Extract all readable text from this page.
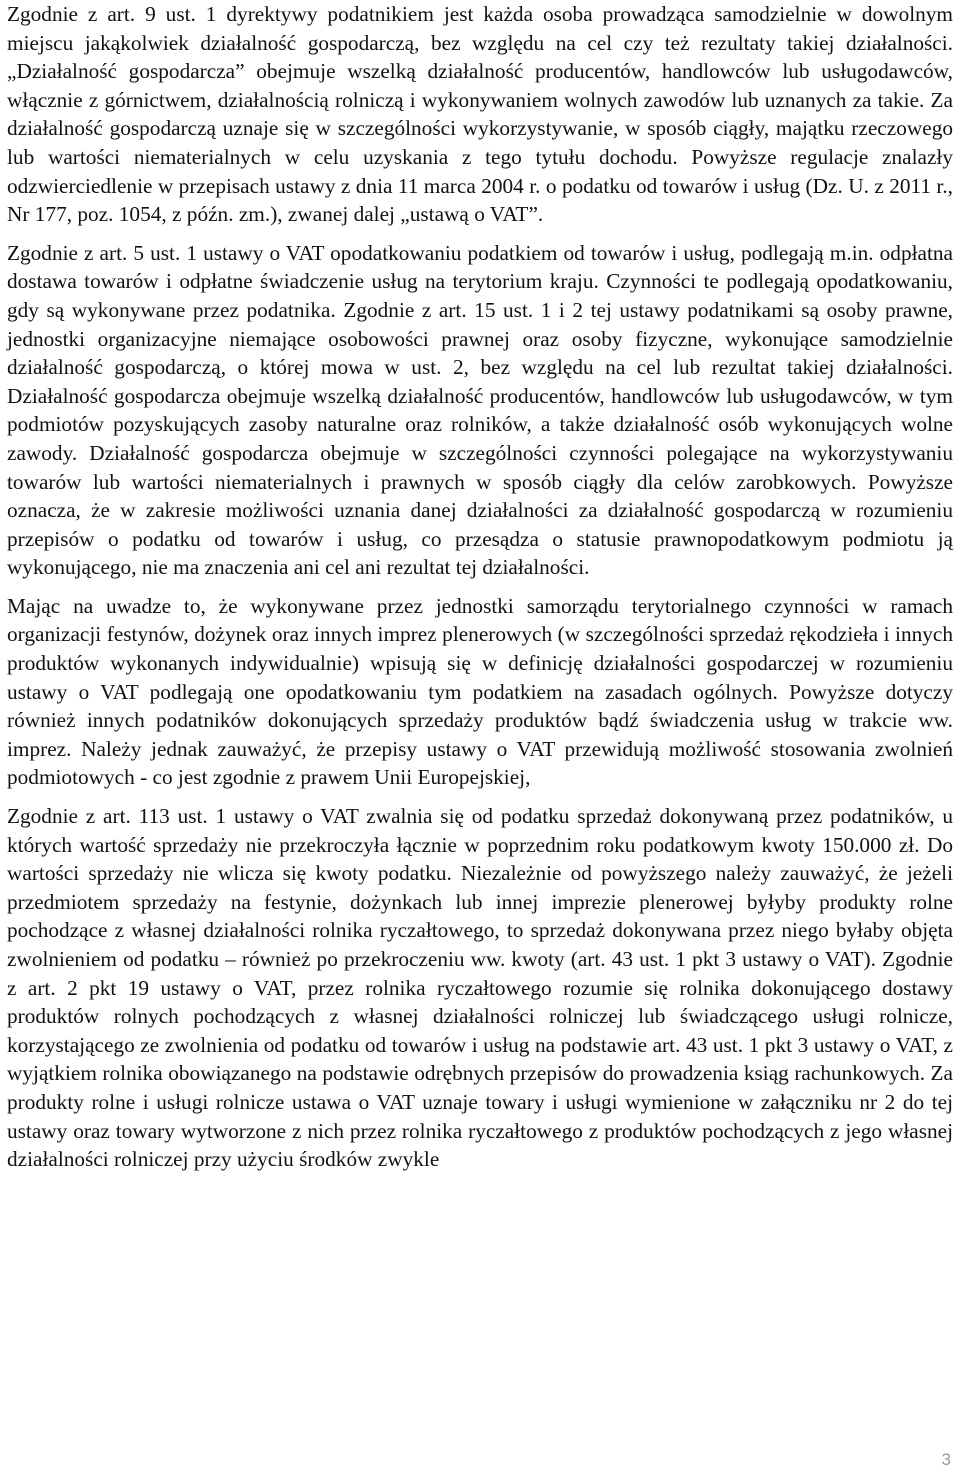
Zgodnie z art. 9 ust. 1 dyrektywy podatnikiem jest każda osoba prowadząca samodzielnie w dowolnym miejscu jakąkolwiek działalność gospodarczą, bez względu na cel czy też rezultaty takiej działalności. „Działalność gospodarcza” obejmuje wszelką działalność producentów, handlowców lub usługodawców, włącznie z górnictwem, działalnością rolniczą i wykonywaniem wolnych zawodów lub uznanych za takie. Za działalność gospodarczą uznaje się w szczególności wykorzystywanie, w sposób ciągły, majątku rzeczowego lub wartości niematerialnych w celu uzyskania z tego tytułu dochodu. Powyższe regulacje znalazły odzwierciedlenie w przepisach ustawy z dnia 11 marca 2004 r. o podatku od towarów i usług (Dz. U. z 2011 r., Nr 177, poz. 1054, z późn. zm.), zwanej dalej „ustawą o VAT”.

Zgodnie z art. 5 ust. 1 ustawy o VAT opodatkowaniu podatkiem od towarów i usług, podlegają m.in. odpłatna dostawa towarów i odpłatne świadczenie usług na terytorium kraju. Czynności te podlegają opodatkowaniu, gdy są wykonywane przez podatnika. Zgodnie z art. 15 ust. 1 i 2 tej ustawy podatnikami są osoby prawne, jednostki organizacyjne niemające osobowości prawnej oraz osoby fizyczne, wykonujące samodzielnie działalność gospodarczą, o której mowa w ust. 2, bez względu na cel lub rezultat takiej działalności. Działalność gospodarcza obejmuje wszelką działalność producentów, handlowców lub usługodawców, w tym podmiotów pozyskujących zasoby naturalne oraz rolników, a także działalność osób wykonujących wolne zawody. Działalność gospodarcza obejmuje w szczególności czynności polegające na wykorzystywaniu towarów lub wartości niematerialnych i prawnych w sposób ciągły dla celów zarobkowych. Powyższe oznacza, że w zakresie możliwości uznania danej działalności za działalność gospodarczą w rozumieniu przepisów o podatku od towarów i usług, co przesądza o statusie prawnopodatkowym podmiotu ją wykonującego, nie ma znaczenia ani cel ani rezultat tej działalności.

Mając na uwadze to, że wykonywane przez jednostki samorządu terytorialnego czynności w ramach organizacji festynów, dożynek oraz innych imprez plenerowych (w szczególności sprzedaż rękodzieła i innych produktów wykonanych indywidualnie) wpisują się w definicję działalności gospodarczej w rozumieniu ustawy o VAT podlegają one opodatkowaniu tym podatkiem na zasadach ogólnych. Powyższe dotyczy również innych podatników dokonujących sprzedaży produktów bądź świadczenia usług w trakcie ww. imprez. Należy jednak zauważyć, że przepisy ustawy o VAT przewidują możliwość stosowania zwolnień podmiotowych - co jest zgodnie z prawem Unii Europejskiej,

Zgodnie z art. 113 ust. 1 ustawy o VAT zwalnia się od podatku sprzedaż dokonywaną przez podatników, u których wartość sprzedaży nie przekroczyła łącznie w poprzednim roku podatkowym kwoty 150.000 zł. Do wartości sprzedaży nie wlicza się kwoty podatku. Niezależnie od powyższego należy zauważyć, że jeżeli przedmiotem sprzedaży na festynie, dożynkach lub innej imprezie plenerowej byłyby produkty rolne pochodzące z własnej działalności rolnika ryczałtowego, to sprzedaż dokonywana przez niego byłaby objęta zwolnieniem od podatku – również po przekroczeniu ww. kwoty (art. 43 ust. 1 pkt 3 ustawy o VAT). Zgodnie z art. 2 pkt 19 ustawy o VAT, przez rolnika ryczałtowego rozumie się rolnika dokonującego dostawy produktów rolnych pochodzących z własnej działalności rolniczej lub świadczącego usługi rolnicze, korzystającego ze zwolnienia od podatku od towarów i usług na podstawie art. 43 ust. 1 pkt 3 ustawy o VAT, z wyjątkiem rolnika obowiązanego na podstawie odrębnych przepisów do prowadzenia ksiąg rachunkowych. Za produkty rolne i usługi rolnicze ustawa o VAT uznaje towary i usługi wymienione w załączniku nr 2 do tej ustawy oraz towary wytworzone z nich przez rolnika ryczałtowego z produktów pochodzących z jego własnej działalności rolniczej przy użyciu środków zwykle

3
